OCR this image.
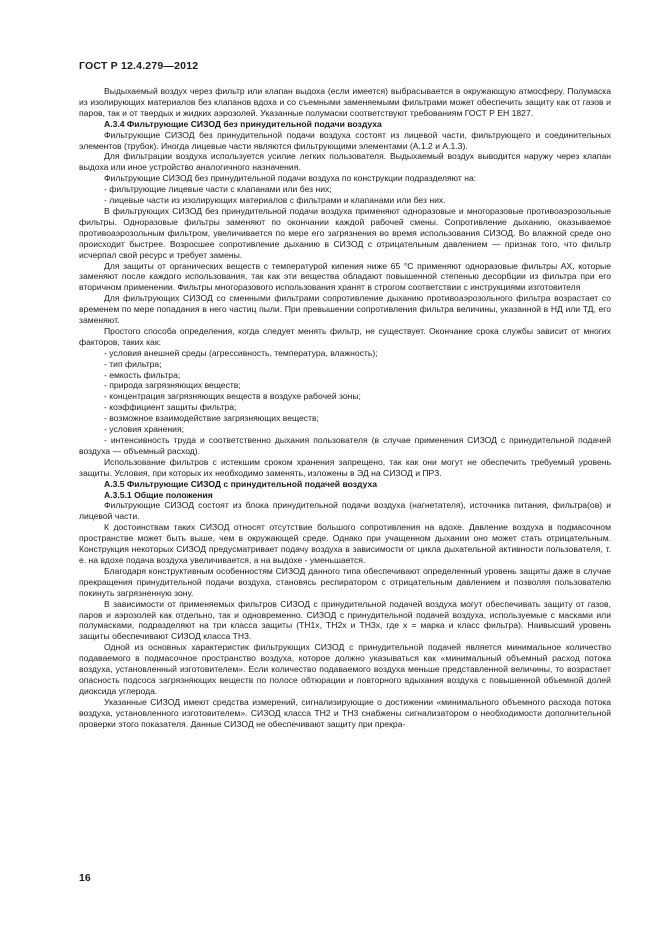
ГОСТ Р 12.4.279—2012

Выдыхаемый воздух через фильтр или клапан выдоха (если имеется) выбрасывается в окружающую атмосферу. Полумаска из изолирующих материалов без клапанов вдоха и со съемными заменяемыми фильтрами может обеспечить защиту как от газов и паров, так и от твердых и жидких аэрозолей. Указанные полумаски соответствуют требованиям ГОСТ Р ЕН 1827.

А.3.4 Фильтрующие СИЗОД без принудительной подачи воздуха

Фильтрующие СИЗОД без принудительной подачи воздуха состоят из лицевой части, фильтрующего и соединительных элементов (трубок). Иногда лицевые части являются фильтрующими элементами (А.1.2 и А.1.3).

Для фильтрации воздуха используется усилие легких пользователя. Выдыхаемый воздух выводится наружу через клапан выдоха или иное устройство аналогичного назначения.

Фильтрующие СИЗОД без принудительной подачи воздуха по конструкции подразделяют на:

- фильтрующие лицевые части с клапанами или без них;

- лицевые части из изолирующих материалов с фильтрами и клапанами или без них.

В фильтрующих СИЗОД без принудительной подачи воздуха применяют одноразовые и многоразовые противоаэрозольные фильтры. Одноразовые фильтры заменяют по окончании каждой рабочей смены. Сопротивление дыханию, оказываемое противоаэрозольным фильтром, увеличивается по мере его загрязнения во время использования СИЗОД. Во влажной среде оно происходит быстрее. Возросшее сопротивление дыханию в СИЗОД с отрицательным давлением — признак того, что фильтр исчерпал свой ресурс и требует замены.

Для защиты от органических веществ с температурой кипения ниже 65 °С применяют одноразовые фильтры АХ, которые заменяют после каждого использования, так как эти вещества обладают повышенной степенью десорбции из фильтра при его вторичном применении. Фильтры многоразового использования хранят в строгом соответствии с инструкциями изготовителя

Для фильтрующих СИЗОД со сменными фильтрами сопротивление дыханию противоаэрозольного фильтра возрастает со временем по мере попадания в него частиц пыли. При превышении сопротивления фильтра величины, указанной в НД или ТД, его заменяют.

Простого способа определения, когда следует менять фильтр, не существует. Окончание срока службы зависит от многих факторов, таких как:

- условия внешней среды (агрессивность, температура, влажность);

- тип фильтра;

- емкость фильтра;

- природа загрязняющих веществ;

- концентрация загрязняющих веществ в воздухе рабочей зоны;

- коэффициент защиты фильтра;

- возможное взаимодействие загрязняющих веществ;

- условия хранения;

- интенсивность труда и соответственно дыхания пользователя (в случае применения СИЗОД с принудительной подачей воздуха — объемный расход).

Использование фильтров с истекшим сроком хранения запрещено, так как они могут не обеспечить требуемый уровень защиты. Условия, при которых их необходимо заменять, изложены в ЭД на СИЗОД и ПРЗ.

А.3.5 Фильтрующие СИЗОД с принудительной подачей воздуха

А.3.5.1 Общие положения

Фильтрующие СИЗОД состоят из блока принудительной подачи воздуха (нагнетателя), источника питания, фильтра(ов) и лицевой части.

К достоинствам таких СИЗОД относят отсутствие большого сопротивления на вдохе. Давление воздуха в подмасочном пространстве может быть выше, чем в окружающей среде. Однако при учащенном дыхании оно может стать отрицательным. Конструкция некоторых СИЗОД предусматривает подачу воздуха в зависимости от цикла дыхательной активности пользователя, т. е. на вдохе подача воздуха увеличивается, а на выдохе - уменьшается.

Благодаря конструктивным особенностям СИЗОД данного типа обеспечивают определенный уровень защиты даже в случае прекращения принудительной подачи воздуха, становясь респиратором с отрицательным давлением и позволяя пользователю покинуть загрязненную зону.

В зависимости от применяемых фильтров СИЗОД с принудительной подачей воздуха могут обеспечивать защиту от газов, паров и аэрозолей как отдельно, так и одновременно. СИЗОД с принудительной подачей воздуха, используемые с масками или полумасками, подразделяют на три класса защиты (ТН1х, ТН2х и ТН3х, где х = марка и класс фильтра). Наивысший уровень защиты обеспечивают СИЗОД класса ТН3.

Одной из основных характеристик фильтрующих СИЗОД с принудительной подачей является минимальное количество подаваемого в подмасочное пространство воздуха, которое должно указываться как «минимальный объемный расход потока воздуха, установленный изготовителем». Если количество подаваемого воздуха меньше представленной величины, то возрастает опасность подсоса загрязняющих веществ по полосе обтюрации и повторного вдыхания воздуха с повышенной объемной долей диоксида углерода.

Указанные СИЗОД имеют средства измерений, сигнализирующие о достижении «минимального объемного расхода потока воздуха, установленного изготовителем». СИЗОД класса ТН2 и ТН3 снабжены сигнализатором о необходимости дополнительной проверки этого показателя. Данные СИЗОД не обеспечивают защиту при прекра-

16
